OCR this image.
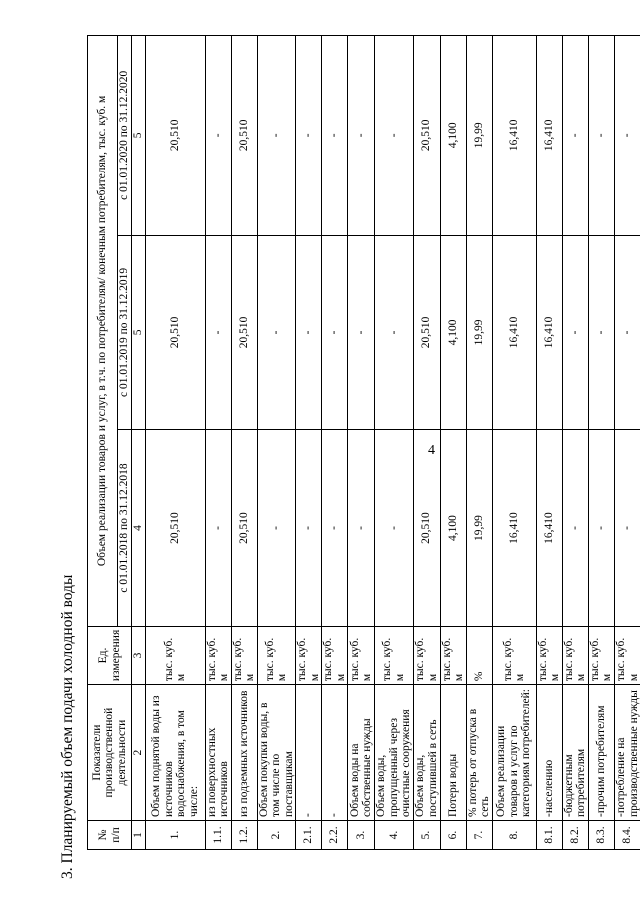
4
3. Планируемый объем подачи холодной воды № п/п	Показатели производственной деятельности	Ед. измерения	Объем реализации товаров и услуг, в т.ч. по потребителям/ конечным потребителям, тыс. куб. м		
			с 01.01.2018 по 31.12.2018	с 01.01.2019 по 31.12.2019	с 01.01.2020 по 31.12.2020
1	2	3	4	5	5
1.	Объем поднятой воды из источников водоснабжения, в том числе:	тыс. куб. м	20,510	20,510	20,510
1.1.	из поверхностных источников	тыс. куб. м	-	-	-
1.2.	из подземных источников	тыс. куб. м	20,510	20,510	20,510
2.	Объем покупки воды, в том числе по поставщикам	тыс. куб. м	-	-	-
2.1.	-	тыс. куб. м	-	-	-
2.2.	-	тыс. куб. м	-	-	-
3.	Объем воды на собственные нужды	тыс. куб. м	-	-	-
4.	Объем воды, пропущенный через очистные сооружения	тыс. куб. м	-	-	-
5.	Объем воды, поступившей в сеть	тыс. куб. м	20,510	20,510	20,510
6.	Потери воды	тыс. куб. м	4,100	4,100	4,100
7.	% потерь от отпуска в сеть	%	19,99	19,99	19,99
8.	Объем реализации товаров и услуг по категориям потребителей:	тыс. куб. м	16,410	16,410	16,410
8.1.	-населению	тыс. куб. м	16,410	16,410	16,410
8.2.	-бюджетным потребителям	тыс. куб. м	-	-	-
8.3.	-прочим потребителям	тыс. куб. м	-	-	-
8.4.	-потребление на производственные нужды	тыс. куб. м	-	-	-
